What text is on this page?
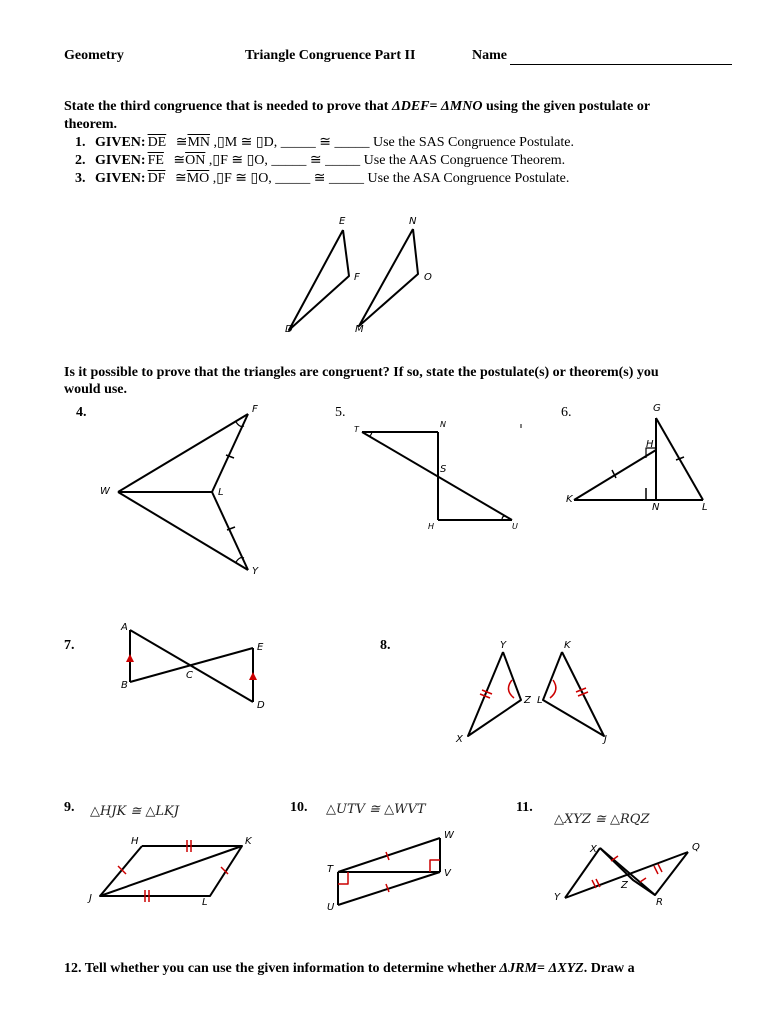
Geometry	Triangle Congruence Part II	Name
State the third congruence that is needed to prove that ΔDEF= ΔMNO using the given postulate or
theorem.
1. GIVEN: $\overline{DE}$ $≅\overline{MN}$ ,▯M ≅ ▯D, _____ ≅ _____ Use the SAS Congruence Postulate.
2. GIVEN: $\overline{FE}$ $≅\overline{ON}$ ,▯F ≅ ▯O, _____ ≅ _____ Use the AAS Congruence Theorem.
3. GIVEN: $\overline{DF}$ $≅\overline{MO}$ ,▯F ≅ ▯O, _____ ≅ _____ Use the ASA Congruence Postulate.
Is it possible to prove that the triangles are congruent? If so, state the postulate(s) or theorem(s) you
would use.
4.	5.	6.
7.	8.
9.	10.	11.
△HJK ≅ △LKJ	△UTV ≅ △WVT
△XYZ ≅ △RQZ
E
F
D
N
O
M
F
W	L
Y
T
N
S
H	U
G
H
K
N	L
A
B
C
E
D
Y	K
Z L
X	J
H	K
J	L
W
T	V
U
X	Q
Y
Z
R
12. Tell whether you can use the given information to determine whether ΔJRM= ΔXYZ. Draw a
